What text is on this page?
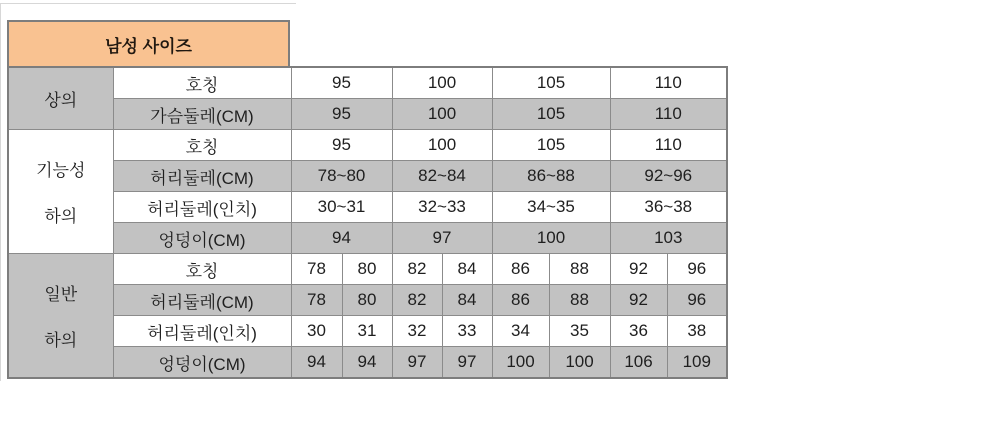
남성 사이즈
상의	호칭	95		100		105		110	
	가슴둘레(CM)	95		100		105		110	

기능성
하의	호칭	95		100		105		110	
	허리둘레(CM)	78~80		82~84		86~88		92~96	
	허리둘레(인치)	30~31		32~33		34~35		36~38	
	엉덩이(CM)	94		97		100		103	

일반
하의	호칭	78	80	82	84	86	88	92	96
	허리둘레(CM)	78	80	82	84	86	88	92	96
	허리둘레(인치)	30	31	32	33	34	35	36	38
	엉덩이(CM)	94	94	97	97	100	100	106	109
